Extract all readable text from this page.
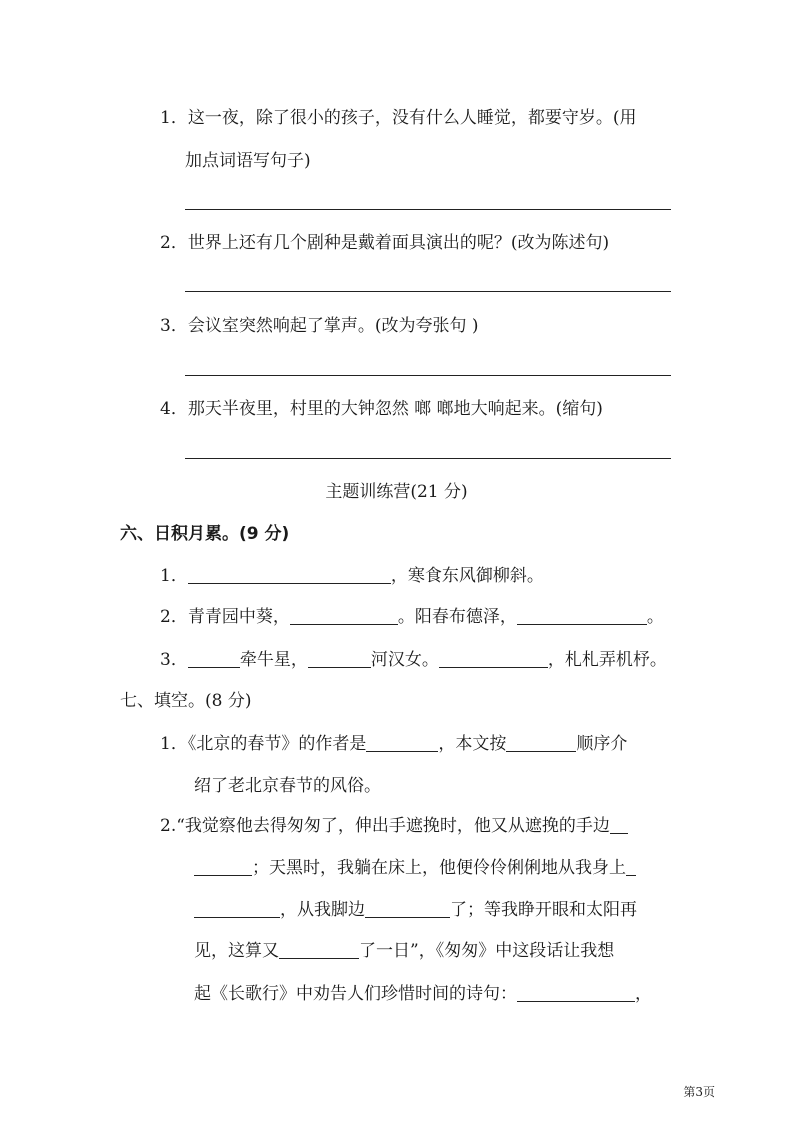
1．这一夜，除了很小的孩子，没有什么人睡觉，都要守岁。(用
加点词语写句子)
2．世界上还有几个剧种是戴着面具演出的呢？(改为陈述句)
3．会议室突然响起了掌声。(改为夸张句 )
4．那天半夜里，村里的大钟忽然 啷 啷地大响起来。(缩句)
主题训练营(21 分)
六、日积月累。(9 分)
1．	，寒食东风御柳斜。
2．青青园中葵，	。阳春布德泽，	。
3．	牵牛星，	河汉女。	，札札弄机杼。
七、填空。(8 分)
1．《北京的春节》的作者是	，本文按	顺序介
绍了老北京春节的风俗。
2.“我觉察他去得匆匆了，伸出手遮挽时，他又从遮挽的手边
；天黑时，我躺在床上，他便伶伶俐俐地从我身上
，从我脚边	了；等我睁开眼和太阳再
见，这算又	了一日”，《匆匆》中这段话让我想
起《长歌行》中劝告人们珍惜时间的诗句：	，
第3页
